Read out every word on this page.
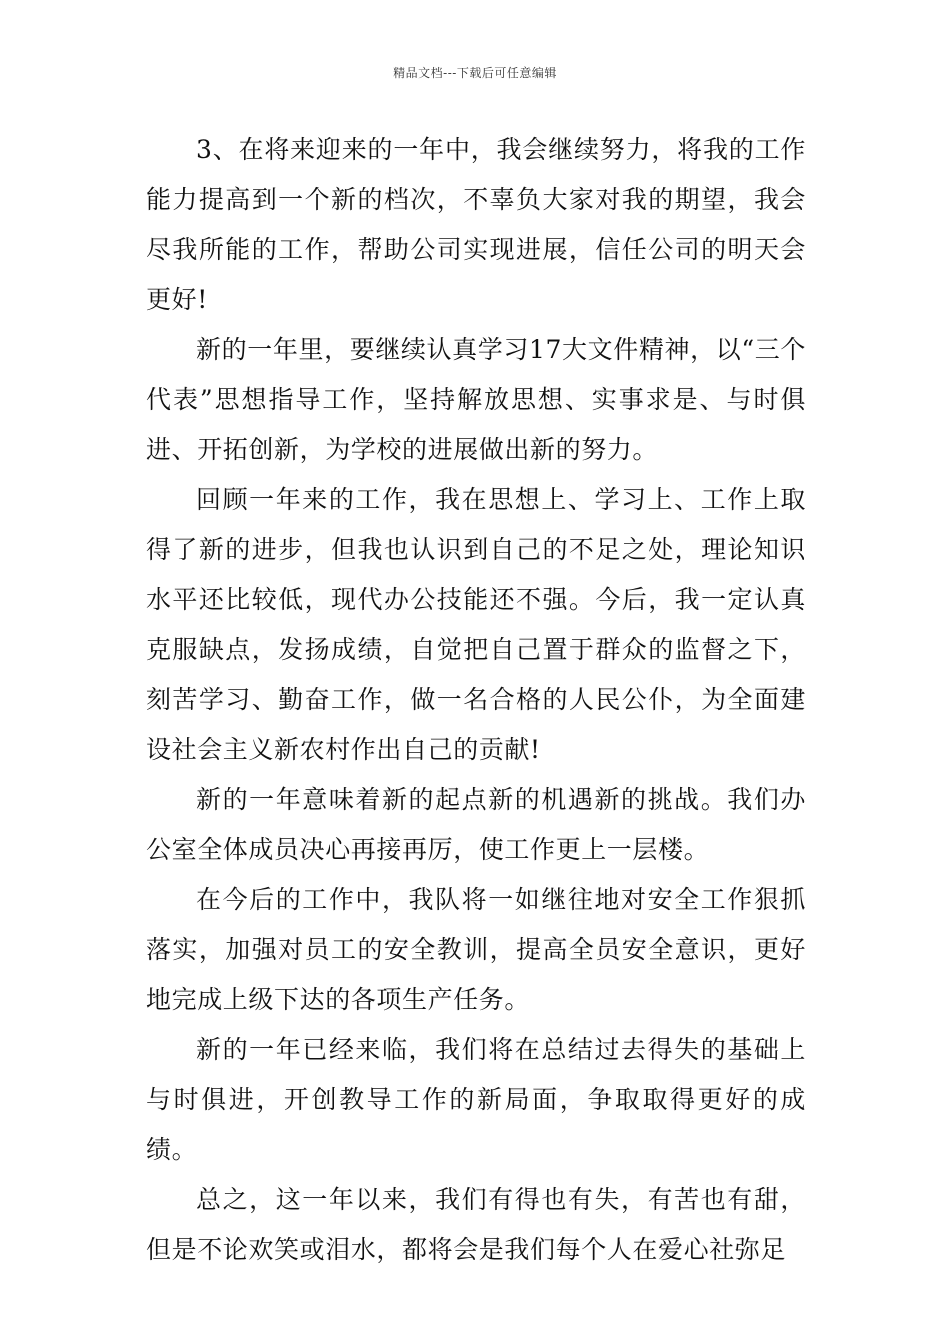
精品文档---下载后可任意编辑

3、在将来迎来的一年中，我会继续努力，将我的工作能力提高到一个新的档次，不辜负大家对我的期望，我会尽我所能的工作，帮助公司实现进展，信任公司的明天会更好!

新的一年里，要继续认真学习17大文件精神，以“三个代表”思想指导工作，坚持解放思想、实事求是、与时俱进、开拓创新，为学校的进展做出新的努力。

回顾一年来的工作，我在思想上、学习上、工作上取得了新的进步，但我也认识到自己的不足之处，理论知识水平还比较低，现代办公技能还不强。今后，我一定认真克服缺点，发扬成绩，自觉把自己置于群众的监督之下，刻苦学习、勤奋工作，做一名合格的人民公仆，为全面建设社会主义新农村作出自己的贡献!

新的一年意味着新的起点新的机遇新的挑战。我们办公室全体成员决心再接再厉，使工作更上一层楼。

在今后的工作中，我队将一如继往地对安全工作狠抓落实，加强对员工的安全教训，提高全员安全意识，更好地完成上级下达的各项生产任务。

新的一年已经来临，我们将在总结过去得失的基础上与时俱进，开创教导工作的新局面，争取取得更好的成绩。

总之，这一年以来，我们有得也有失，有苦也有甜，但是不论欢笑或泪水，都将会是我们每个人在爱心社弥足
